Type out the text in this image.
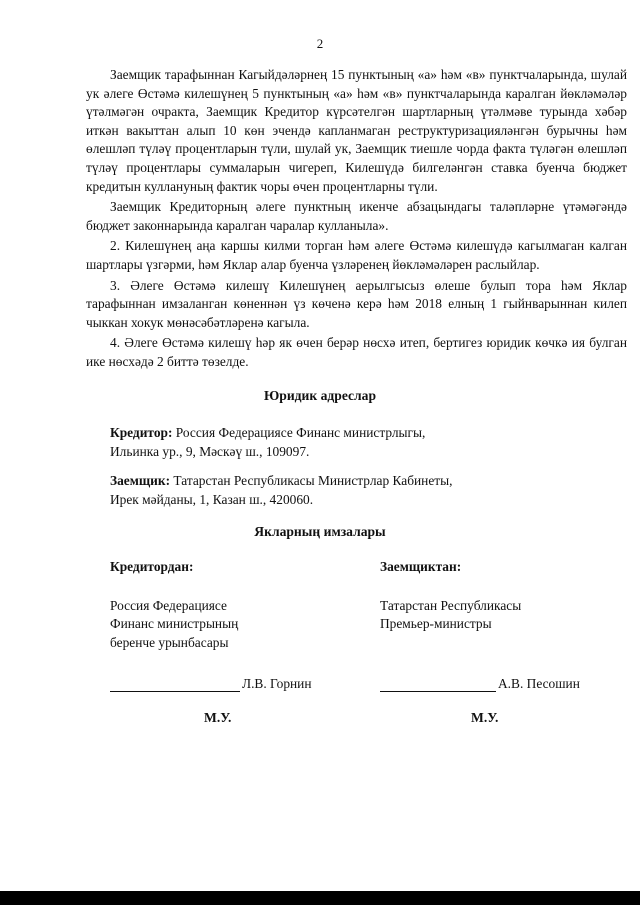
2

Заемщик тарафыннан Кагыйдәләрнең 15 пунктының «а» һәм «в» пунктчаларында, шулай ук әлеге Өстәмә килешүнең 5 пунктының «а» һәм «в» пунктчаларында каралган йөкләмәләр үтәлмәгән очракта, Заемщик Кредитор күрсәтелгән шартларның үтәлмәве турында хәбәр иткән вакыттан алып 10 көн эчендә капланмаган реструктуризацияләнгән бурычны һәм өлешләп түләү процентларын түли, шулай ук, Заемщик тиешле чорда факта түләгән өлешләп түләү процентлары суммаларын чигереп, Килешүдә билгеләнгән ставка буенча бюджет кредитын куллануның фактик чоры өчен процентларны түли.

Заемщик Кредиторның әлеге пунктның икенче абзацындагы таләпләрне үтәмәгәндә бюджет законнарында каралган чаралар кулланыла».

2. Килешүнең аңа каршы килми торган һәм әлеге Өстәмә килешүдә кагылмаган калган шартлары үзгәрми, һәм Яклар алар буенча үзләренең йөкләмәләрен раслыйлар.

3. Әлеге Өстәмә килешү Килешүнең аерылгысыз өлеше булып тора һәм Яклар тарафыннан имзаланган көненнән үз көченә керә һәм 2018 елның 1 гыйнварыннан килеп чыккан хокук мөнәсәбәтләренә кагыла.

4. Әлеге Өстәмә килешү һәр як өчен берәр нөсхә итеп, бертигез юридик көчкә ия булган ике нөсхәдә 2 биттә төзелде.

Юридик адреслар
Кредитор: Россия Федерациясе Финанс министрлыгы,
Ильинка ур., 9, Мәскәү ш., 109097.
Заемщик: Татарстан Республикасы Министрлар Кабинеты,
Ирек мәйданы, 1, Казан ш., 420060.
Якларның имзалары
Кредитордан:
Россия Федерациясе
Финанс министрының
беренче урынбасары
Заемщиктан:
Татарстан Республикасы
Премьер-министры
Л.В. Горнин	А.В. Песошин
М.У.	М.У.
